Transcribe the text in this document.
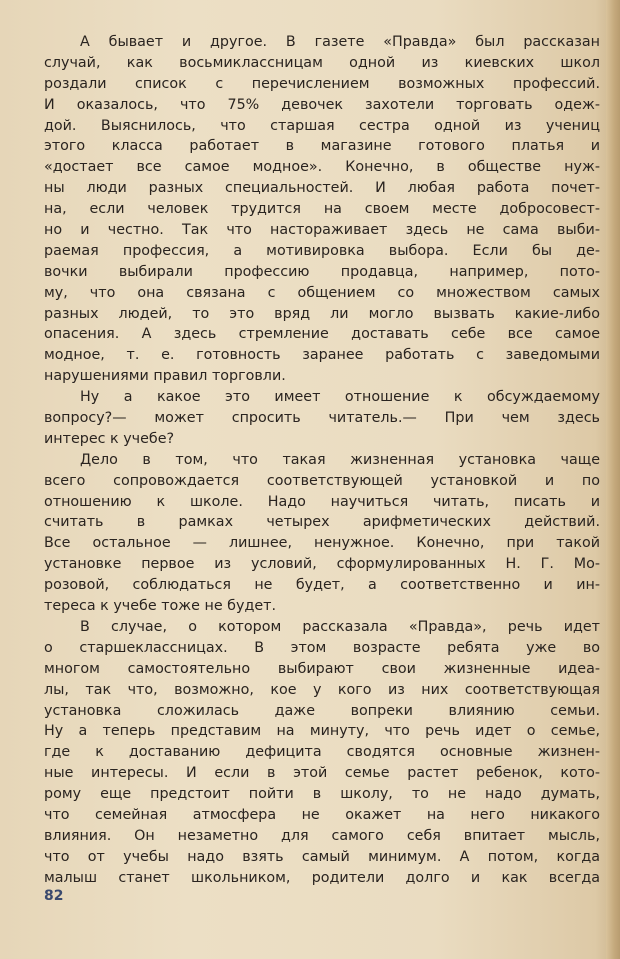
А бывает и другое. В газете «Правда» был рассказан
случай, как восьмиклассницам одной из киевских школ
роздали список с перечислением возможных профессий.
И оказалось, что 75% девочек захотели торговать одеж-
дой. Выяснилось, что старшая сестра одной из учениц
этого класса работает в магазине готового платья и
«достает все самое модное». Конечно, в обществе нуж-
ны люди разных специальностей. И любая работа почет-
на, если человек трудится на своем месте добросовест-
но и честно. Так что настораживает здесь не сама выби-
раемая профессия, а мотивировка выбора. Если бы де-
вочки выбирали профессию продавца, например, пото-
му, что она связана с общением со множеством самых
разных людей, то это вряд ли могло вызвать какие-либо
опасения. А здесь стремление доставать себе все самое
модное, т. е. готовность заранее работать с заведомыми
нарушениями правил торговли.
Ну а какое это имеет отношение к обсуждаемому
вопросу?— может спросить читатель.— При чем здесь
интерес к учебе?
Дело в том, что такая жизненная установка чаще
всего сопровождается соответствующей установкой и по
отношению к школе. Надо научиться читать, писать и
считать в рамках четырех арифметических действий.
Все остальное — лишнее, ненужное. Конечно, при такой
установке первое из условий, сформулированных Н. Г. Мо-
розовой, соблюдаться не будет, а соответственно и ин-
тереса к учебе тоже не будет.
В случае, о котором рассказала «Правда», речь идет
о старшеклассницах. В этом возрасте ребята уже во
многом самостоятельно выбирают свои жизненные идеа-
лы, так что, возможно, кое у кого из них соответствующая
установка сложилась даже вопреки влиянию семьи.
Ну а теперь представим на минуту, что речь идет о семье,
где к доставанию дефицита сводятся основные жизнен-
ные интересы. И если в этой семье растет ребенок, кото-
рому еще предстоит пойти в школу, то не надо думать,
что семейная атмосфера не окажет на него никакого
влияния. Он незаметно для самого себя впитает мысль,
что от учебы надо взять самый минимум. А потом, когда
малыш станет школьником, родители долго и как всегда
82
